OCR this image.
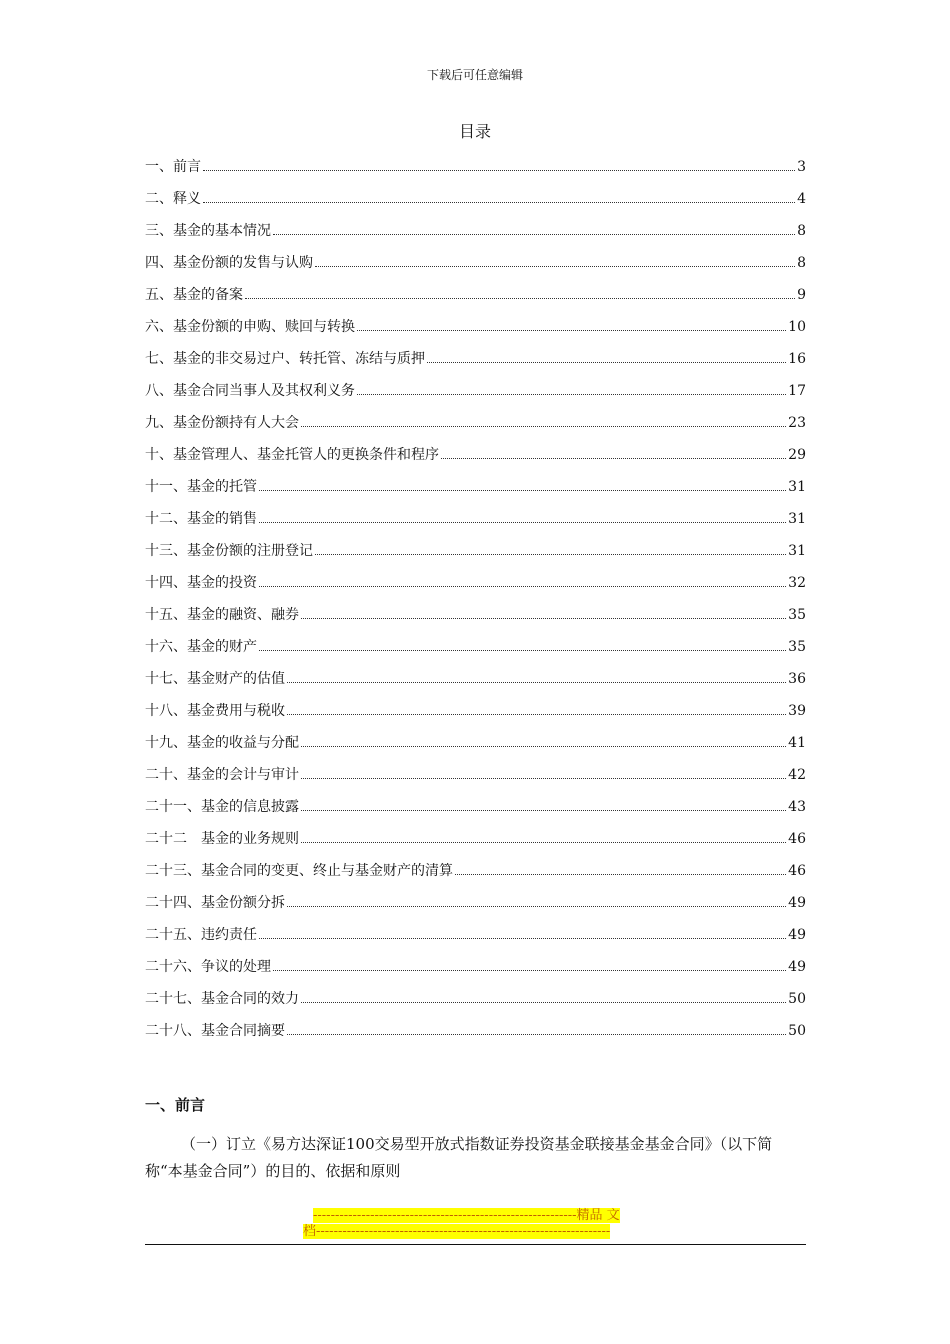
下载后可任意编辑
目录
一、前言	3
二、释义	4
三、基金的基本情况	8
四、基金份额的发售与认购	8
五、基金的备案	9
六、基金份额的申购、赎回与转换	10
七、基金的非交易过户、转托管、冻结与质押	16
八、基金合同当事人及其权利义务	17
九、基金份额持有人大会	23
十、基金管理人、基金托管人的更换条件和程序	29
十一、基金的托管	31
十二、基金的销售	31
十三、基金份额的注册登记	31
十四、基金的投资	32
十五、基金的融资、融券	35
十六、基金的财产	35
十七、基金财产的估值	36
十八、基金费用与税收	39
十九、基金的收益与分配	41
二十、基金的会计与审计	42
二十一、基金的信息披露	43
二十二　基金的业务规则	46
二十三、基金合同的变更、终止与基金财产的清算	46
二十四、基金份额分拆	49
二十五、违约责任	49
二十六、争议的处理	49
二十七、基金合同的效力	50
二十八、基金合同摘要	50
一、前言
（一）订立《易方达深证100交易型开放式指数证券投资基金联接基金基金合同》（以下简称“本基金合同”）的目的、依据和原则
------------------------------------------------------------精品 文
档-------------------------------------------------------------------
